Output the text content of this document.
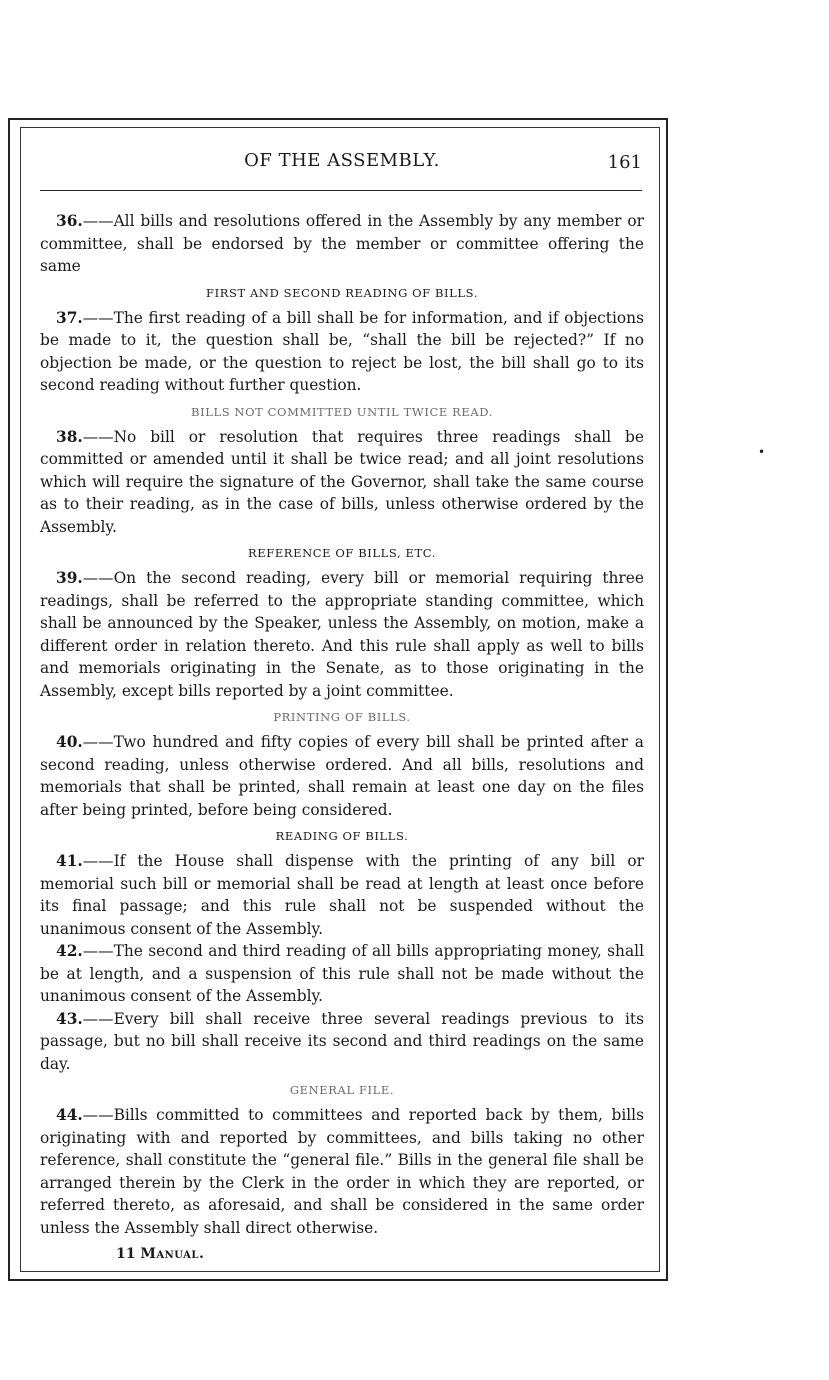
OF THE ASSEMBLY.	161

36.——All bills and resolutions offered in the Assembly by any member or committee, shall be endorsed by the member or committee offering the same

FIRST AND SECOND READING OF BILLS.

37.——The first reading of a bill shall be for information, and if objections be made to it, the question shall be, “shall the bill be rejected?” If no objection be made, or the question to reject be lost, the bill shall go to its second reading without further question.

BILLS NOT COMMITTED UNTIL TWICE READ.

38.——No bill or resolution that requires three readings shall be committed or amended until it shall be twice read; and all joint resolutions which will require the signature of the Governor, shall take the same course as to their reading, as in the case of bills, unless otherwise ordered by the Assembly.

REFERENCE OF BILLS, ETC.

39.——On the second reading, every bill or memorial requiring three readings, shall be referred to the appropriate standing committee, which shall be announced by the Speaker, unless the Assembly, on motion, make a different order in relation thereto. And this rule shall apply as well to bills and memorials originating in the Senate, as to those originating in the Assembly, except bills reported by a joint committee.

PRINTING OF BILLS.

40.——Two hundred and fifty copies of every bill shall be printed after a second reading, unless otherwise ordered. And all bills, resolutions and memorials that shall be printed, shall remain at least one day on the files after being printed, before being considered.

READING OF BILLS.

41.——If the House shall dispense with the printing of any bill or memorial such bill or memorial shall be read at length at least once before its final passage; and this rule shall not be suspended without the unanimous consent of the Assembly.

42.——The second and third reading of all bills appropriating money, shall be at length, and a suspension of this rule shall not be made without the unanimous consent of the Assembly.

43.——Every bill shall receive three several readings previous to its passage, but no bill shall receive its second and third readings on the same day.

GENERAL FILE.

44.——Bills committed to committees and reported back by them, bills originating with and reported by committees, and bills taking no other reference, shall constitute the “general file.” Bills in the general file shall be arranged therein by the Clerk in the order in which they are reported, or referred thereto, as aforesaid, and shall be considered in the same order unless the Assembly shall direct otherwise.

11 Manual.
•
